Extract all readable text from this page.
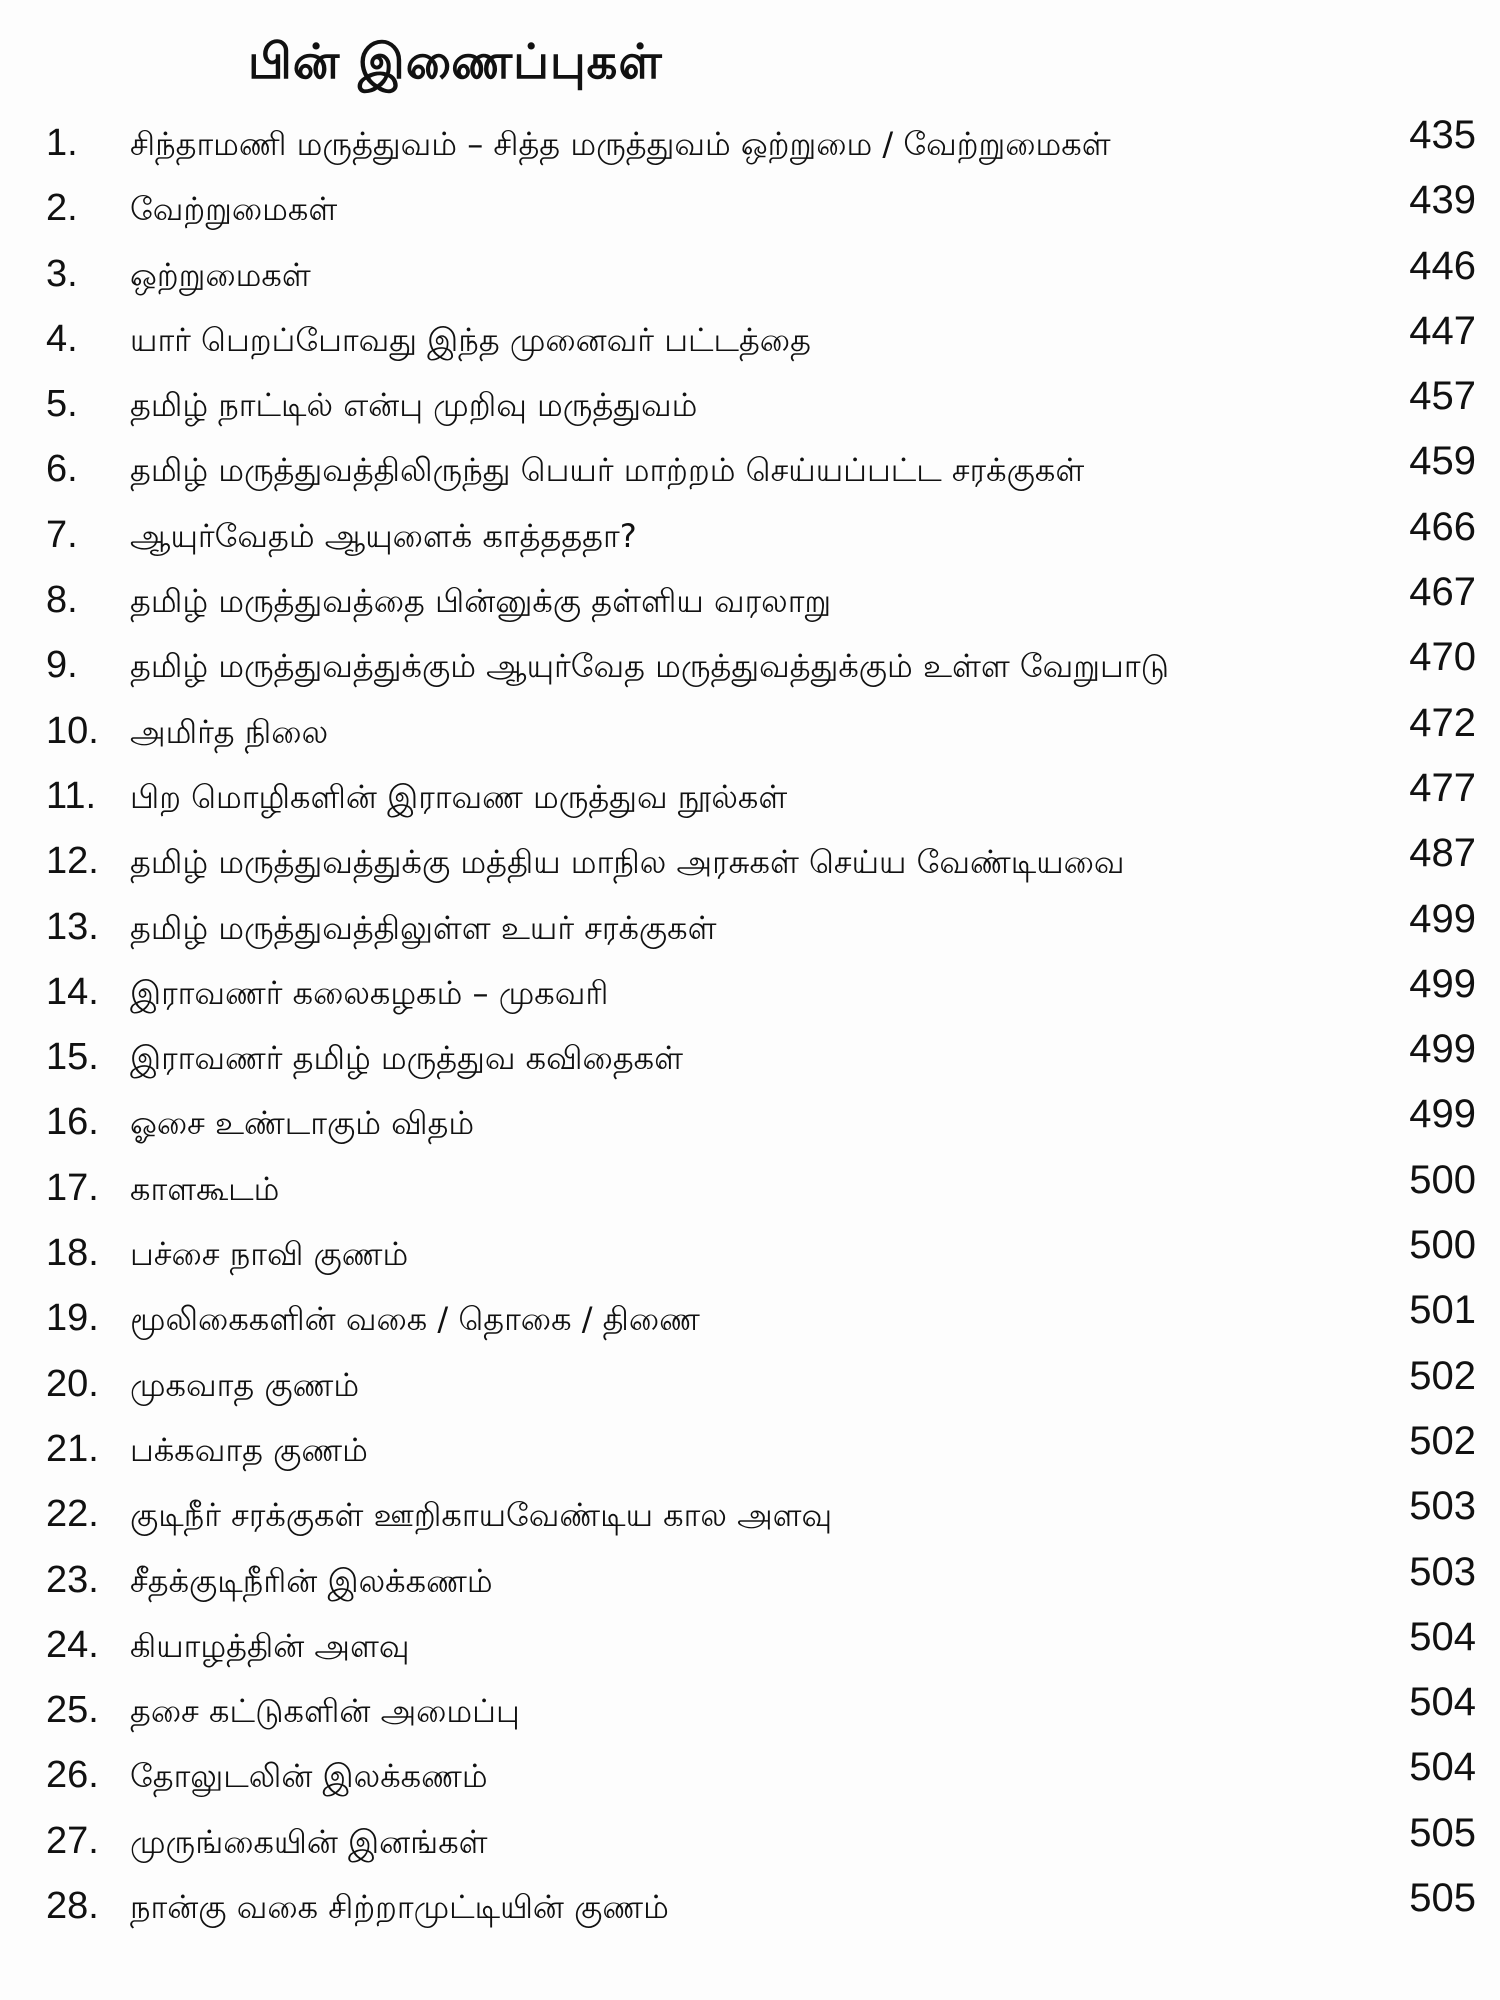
பின் இணைப்புகள்
1. சிந்தாமணி மருத்துவம் – சித்த மருத்துவம் ஒற்றுமை / வேற்றுமைகள்	435
2. வேற்றுமைகள்	439
3. ஒற்றுமைகள்	446
4. யார் பெறப்போவது இந்த முனைவர் பட்டத்தை	447
5. தமிழ் நாட்டில் என்பு முறிவு மருத்துவம்	457
6. தமிழ் மருத்துவத்திலிருந்து பெயர் மாற்றம் செய்யப்பட்ட சரக்குகள்	459
7. ஆயுர்வேதம் ஆயுளைக் காத்தததா?	466
8. தமிழ் மருத்துவத்தை பின்னுக்கு தள்ளிய வரலாறு	467
9. தமிழ் மருத்துவத்துக்கும் ஆயுர்வேத மருத்துவத்துக்கும் உள்ள வேறுபாடு	470
10. அமிர்த நிலை	472
11. பிற மொழிகளின் இராவண மருத்துவ நூல்கள்	477
12. தமிழ் மருத்துவத்துக்கு மத்திய மாநில அரசுகள் செய்ய வேண்டியவை	487
13. தமிழ் மருத்துவத்திலுள்ள உயர் சரக்குகள்	499
14. இராவணர் கலைகழகம் – முகவரி	499
15. இராவணர் தமிழ் மருத்துவ கவிதைகள்	499
16. ஓசை உண்டாகும் விதம்	499
17. காளகூடம்	500
18. பச்சை நாவி குணம்	500
19. மூலிகைகளின் வகை / தொகை / திணை	501
20. முகவாத குணம்	502
21. பக்கவாத குணம்	502
22. குடிநீர் சரக்குகள் ஊறிகாயவேண்டிய கால அளவு	503
23. சீதக்குடிநீரின் இலக்கணம்	503
24. கியாழத்தின் அளவு	504
25. தசை கட்டுகளின் அமைப்பு	504
26. தோலுடலின் இலக்கணம்	504
27. முருங்கையின் இனங்கள்	505
28. நான்கு வகை சிற்றாமுட்டியின் குணம்	505
